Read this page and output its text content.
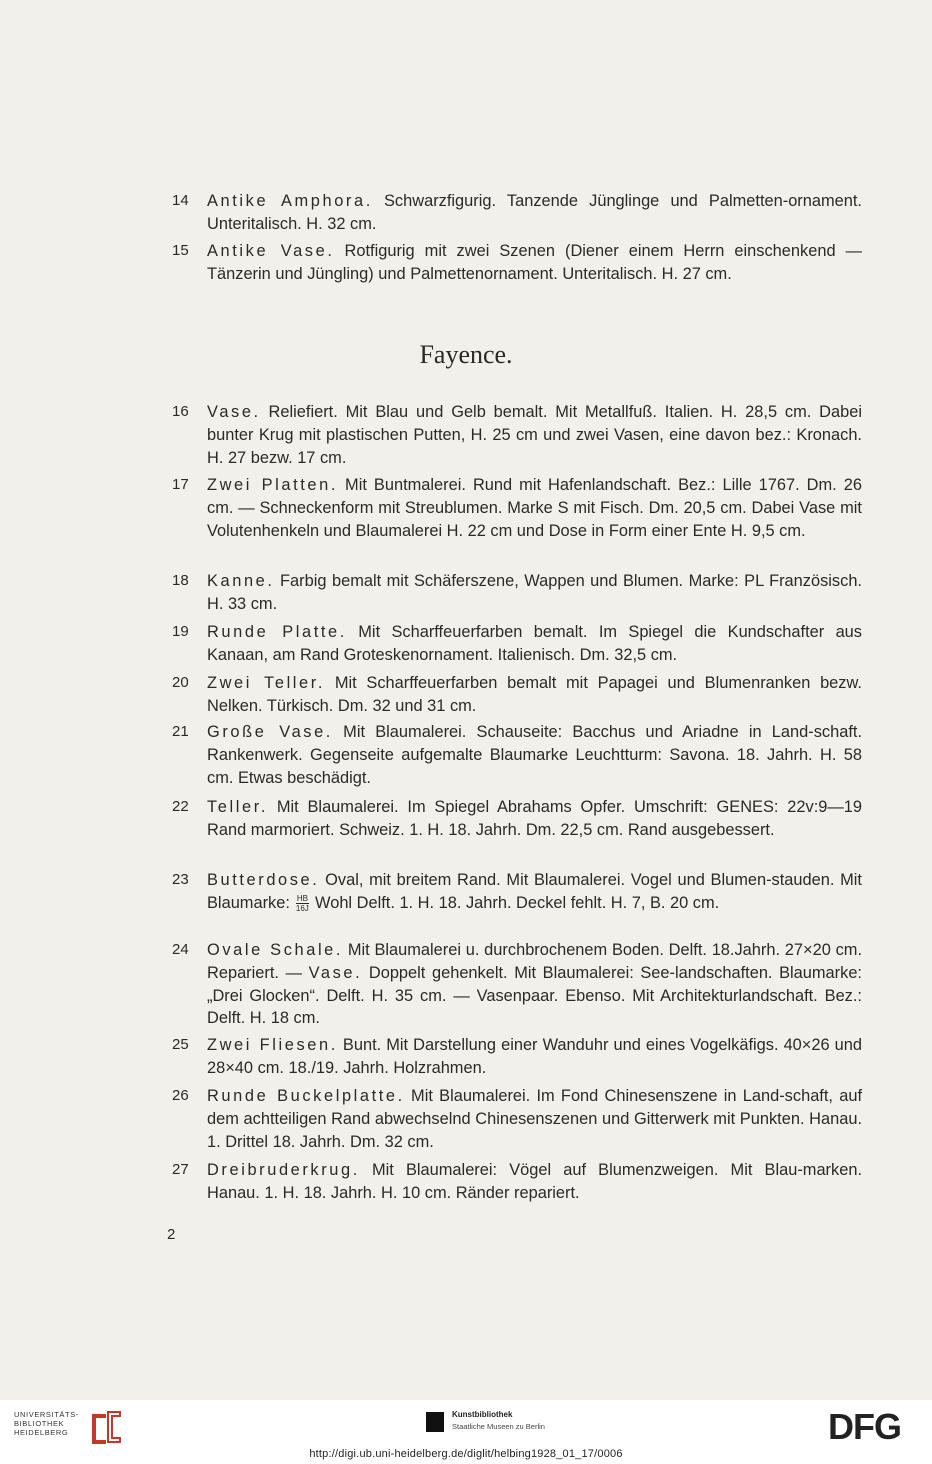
14	Antike Amphora. Schwarzfigurig. Tanzende Jünglinge und Palmetten-ornament. Unteritalisch. H. 32 cm.
15	Antike Vase. Rotfigurig mit zwei Szenen (Diener einem Herrn einschenkend — Tänzerin und Jüngling) und Palmettenornament. Unteritalisch. H. 27 cm.
Fayence.
16	Vase. Reliefiert. Mit Blau und Gelb bemalt. Mit Metallfuß. Italien. H. 28,5 cm. Dabei bunter Krug mit plastischen Putten, H. 25 cm und zwei Vasen, eine davon bez.: Kronach. H. 27 bezw. 17 cm.
17	Zwei Platten. Mit Buntmalerei. Rund mit Hafenlandschaft. Bez.: Lille 1767. Dm. 26 cm. — Schneckenform mit Streublumen. Marke S mit Fisch. Dm. 20,5 cm. Dabei Vase mit Volutenhenkeln und Blaumalerei H. 22 cm und Dose in Form einer Ente H. 9,5 cm.
18	Kanne. Farbig bemalt mit Schäferszene, Wappen und Blumen. Marke: PL Französisch. H. 33 cm.
19	Runde Platte. Mit Scharffeuerfarben bemalt. Im Spiegel die Kundschafter aus Kanaan, am Rand Groteskenornament. Italienisch. Dm. 32,5 cm.
20	Zwei Teller. Mit Scharffeuerfarben bemalt mit Papagei und Blumenranken bezw. Nelken. Türkisch. Dm. 32 und 31 cm.
21	Große Vase. Mit Blaumalerei. Schauseite: Bacchus und Ariadne in Land-schaft. Rankenwerk. Gegenseite aufgemalte Blaumarke Leuchtturm: Savona. 18. Jahrh. H. 58 cm. Etwas beschädigt.
22	Teller. Mit Blaumalerei. Im Spiegel Abrahams Opfer. Umschrift: GENES: 22v:9—19 Rand marmoriert. Schweiz. 1. H. 18. Jahrh. Dm. 22,5 cm. Rand ausgebessert.
23	Butterdose. Oval, mit breitem Rand. Mit Blaumalerei. Vogel und Blumen-stauden. Mit Blaumarke: $\frac{HB}{16J}$ Wohl Delft. 1. H. 18. Jahrh. Deckel fehlt. H. 7, B. 20 cm.
24	Ovale Schale. Mit Blaumalerei u. durchbrochenem Boden. Delft. 18.Jahrh. 27×20 cm. Repariert. — Vase. Doppelt gehenkelt. Mit Blaumalerei: See-landschaften. Blaumarke: „Drei Glocken“. Delft. H. 35 cm. — Vasenpaar. Ebenso. Mit Architekturlandschaft. Bez.: Delft. H. 18 cm.
25	Zwei Fliesen. Bunt. Mit Darstellung einer Wanduhr und eines Vogelkäfigs. 40×26 und 28×40 cm. 18./19. Jahrh. Holzrahmen.
26	Runde Buckelplatte. Mit Blaumalerei. Im Fond Chinesenszene in Land-schaft, auf dem achtteiligen Rand abwechselnd Chinesenszenen und Gitterwerk mit Punkten. Hanau. 1. Drittel 18. Jahrh. Dm. 32 cm.
27	Dreibruderkrug. Mit Blaumalerei: Vögel auf Blumenzweigen. Mit Blau-marken. Hanau. 1. H. 18. Jahrh. H. 10 cm. Ränder repariert.
2
UNIVERSITÄTS-
BIBLIOTHEK
HEIDELBERG
Kunstbibliothek
Staatliche Museen zu Berlin	DFG
http://digi.ub.uni-heidelberg.de/diglit/helbing1928_01_17/0006
